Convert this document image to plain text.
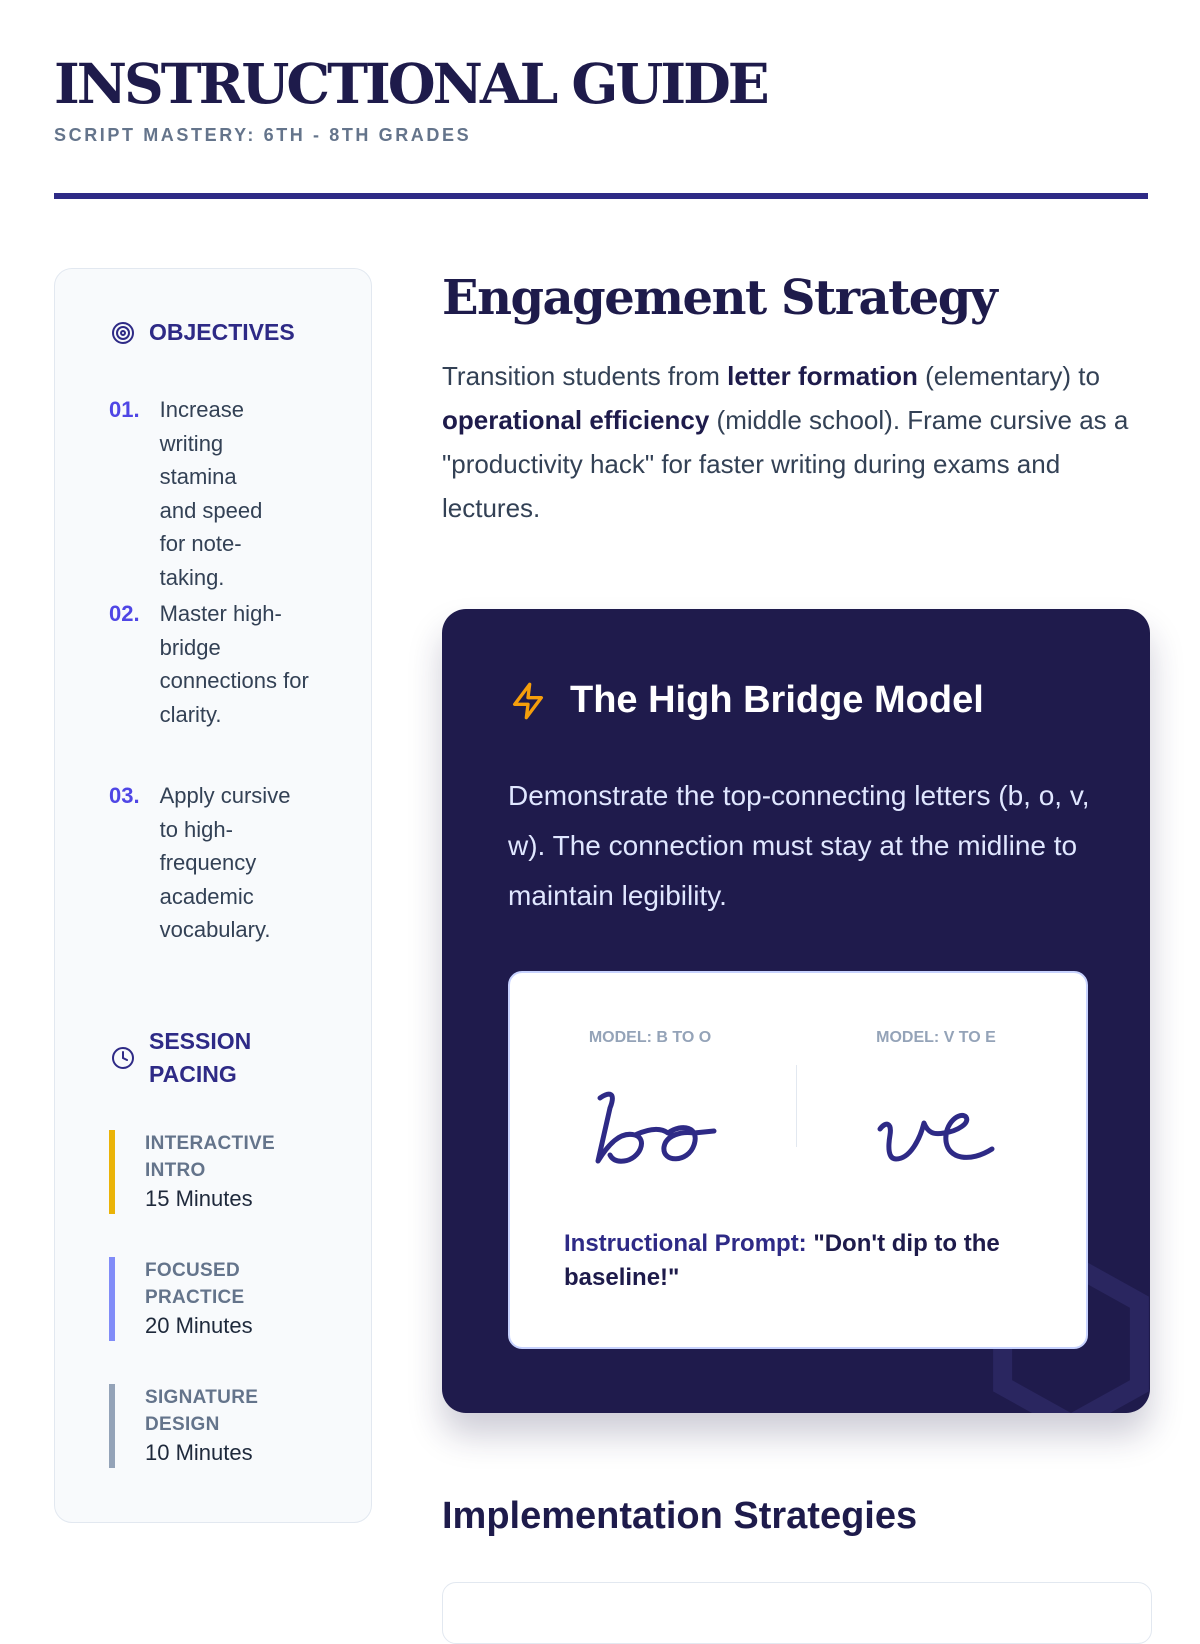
INSTRUCTIONAL GUIDE
SCRIPT MASTERY: 6TH - 8TH GRADES
OBJECTIVES
01. Increase writing stamina and speed for note-taking.
02. Master high-bridge connections for clarity.
03. Apply cursive to high-frequency academic vocabulary.
SESSION PACING
INTERACTIVE INTRO
15 Minutes
FOCUSED PRACTICE
20 Minutes
SIGNATURE DESIGN
10 Minutes
Engagement Strategy

Transition students from letter formation (elementary) to operational efficiency (middle school). Frame cursive as a "productivity hack" for faster writing during exams and lectures.

The High Bridge Model

Demonstrate the top-connecting letters (b, o, v, w). The connection must stay at the midline to maintain legibility.

MODEL: B TO O	MODEL: V TO E
Instructional Prompt: "Don't dip to the baseline!"
Implementation Strategies
